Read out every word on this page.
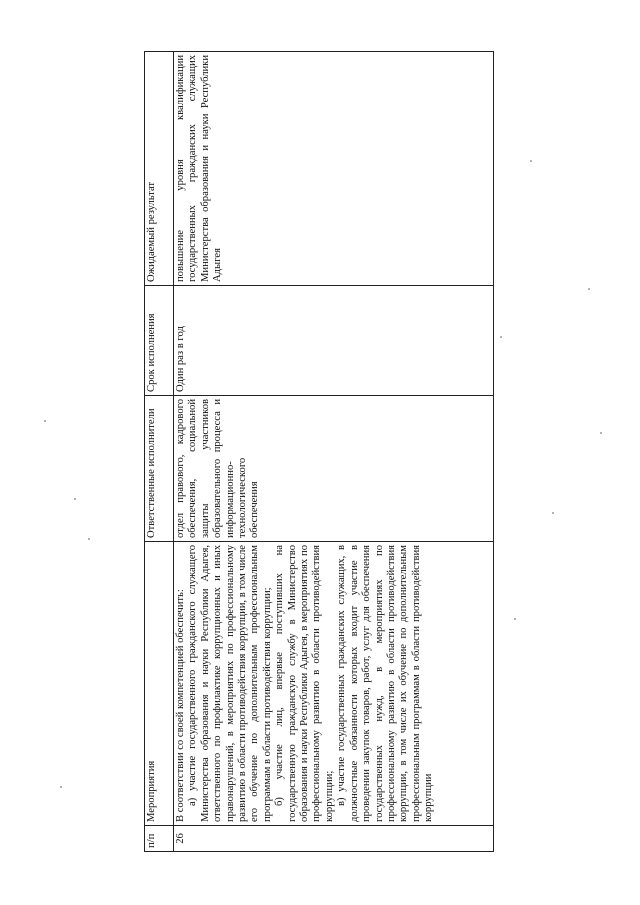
п/п	Мероприятия	Ответственные исполнители	Срок исполнения	Ожидаемый результат
26	В соответствии со своей компетенцией обеспечить: а) участие государственного гражданского служащего Министерства образования и науки Республики Адыгея, ответственного по профилактике коррупционных и иных правонарушений, в мероприятиях по профессиональному развитию в области противодействия коррупции, в том числе его обучение по дополнительным профессиональным программам в области противодействия коррупции; б) участие лиц, впервые поступивших на государственную гражданскую службу в Министерство образования и науки Республики Адыгея, в мероприятиях по профессиональному развитию в области противодействия коррупции; в) участие государственных гражданских служащих, в должностные обязанности которых входит участие в проведении закупок товаров, работ, услуг для обеспечения государственных нужд, в мероприятиях по профессиональному развитию в области противодействия коррупции, в том числе их обучение по дополнительным профессиональным программам в области противодействия коррупции	отдел правового, кадрового обеспечения, социальной защиты участников образовательного процесса и информационно-технологического обеспечения	Один раз в год	повышение уровня квалификации государственных гражданских служащих Министерства образования и науки Республики Адыгея
